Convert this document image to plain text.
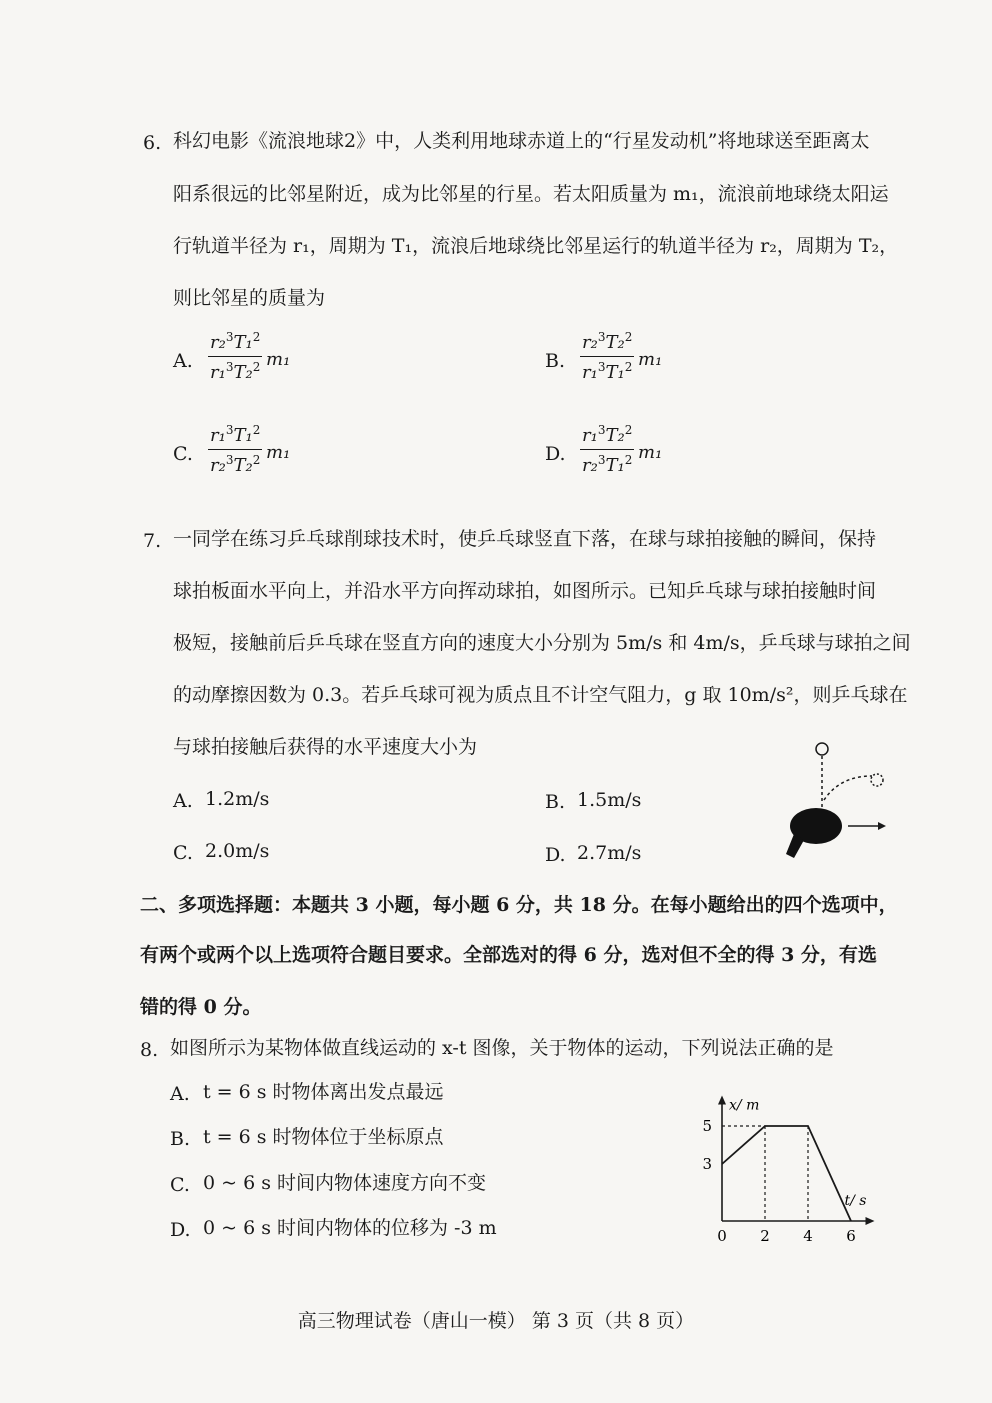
6. 科幻电影《流浪地球2》中，人类利用地球赤道上的“行星发动机”将地球送至距离太
阳系很远的比邻星附近，成为比邻星的行星。若太阳质量为 m₁，流浪前地球绕太阳运
行轨道半径为 r₁，周期为 T₁，流浪后地球绕比邻星运行的轨道半径为 r₂，周期为 T₂，
则比邻星的质量为
A. $\frac{r_2^3T_1^2}{r_1^3T_2^2} m_1$	B. $\frac{r_2^3T_2^2}{r_1^3T_1^2} m_1$
C. $\frac{r_1^3T_1^2}{r_2^3T_2^2} m_1$	D. $\frac{r_1^3T_2^2}{r_2^3T_1^2} m_1$
7. 一同学在练习乒乓球削球技术时，使乒乓球竖直下落，在球与球拍接触的瞬间，保持
球拍板面水平向上，并沿水平方向挥动球拍，如图所示。已知乒乓球与球拍接触时间
极短，接触前后乒乓球在竖直方向的速度大小分别为 5m/s 和 4m/s，乒乓球与球拍之间
的动摩擦因数为 0.3。若乒乓球可视为质点且不计空气阻力，g 取 10m/s²，则乒乓球在
与球拍接触后获得的水平速度大小为
A. 1.2m/s	B. 1.5m/s
C. 2.0m/s	D. 2.7m/s
二、多项选择题：本题共 3 小题，每小题 6 分，共 18 分。在每小题给出的四个选项中，
有两个或两个以上选项符合题目要求。全部选对的得 6 分，选对但不全的得 3 分，有选
错的得 0 分。
8. 如图所示为某物体做直线运动的 x-t 图像，关于物体的运动，下列说法正确的是
A. t = 6 s 时物体离出发点最远
B. t = 6 s 时物体位于坐标原点
C. 0 ~ 6 s 时间内物体速度方向不变
D. 0 ~ 6 s 时间内物体的位移为 -3 m	0 2 4 6
3
5
x/ m
t/ s
高三物理试卷（唐山一模） 第 3 页（共 8 页）
